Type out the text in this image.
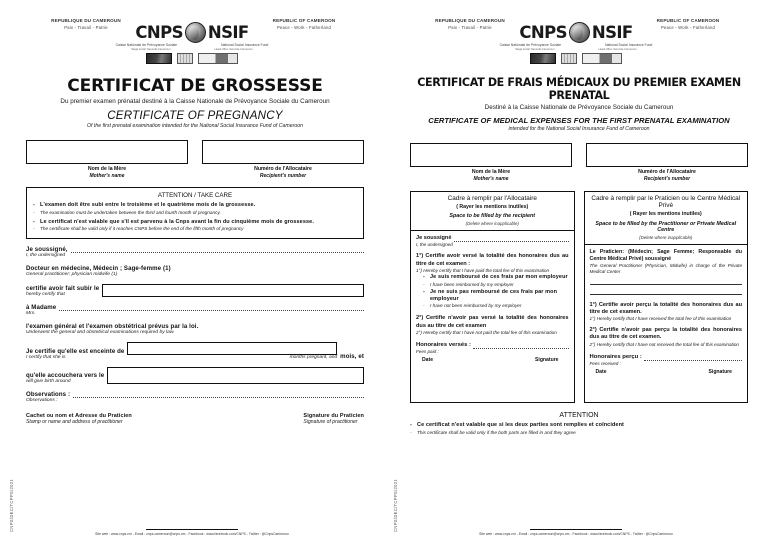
CNPS/DEC/TCPPS/2021
REPUBLIQUE DU CAMEROUN
Paix - Travail - Patrie
REPUBLIC OF CAMEROON
Peace - Work - Fatherland
CNPS NSIF
Caisse Nationale de Prévoyance Sociale	National Social Insurance Fund
Siège social Yaoundé-Cameroun	Head office Yaounde-Cameroon
CERTIFICAT DE GROSSESSE
Du premier examen prénatal destiné à la Caisse Nationale de Prévoyance Sociale du Cameroun
CERTIFICATE OF PREGNANCY
Of the first prenatal examination intended for the National Social Insurance Fund of Cameroon
Nom de la Mère
Mother's name
Numéro de l'Allocataire
Recipient's number
ATTENTION / TAKE CARE
- L'examen doit être subi entre le troisième et le quatrième mois de la grossesse.
-	The examination must be undertaken between the third and fourth month of pregnancy.
- Le certificat n'est valable que s'il est parvenu à la Cnps avant la fin du cinquième mois de grossesse.
-	The certificate shall be valid only if it reaches CNPS before the end of the fifth month of pregnancy
Je soussigné,
I, the undersigned
Docteur en médecine, Médecin ; Sage-femme (1)
General practitioner; physician midwife (1)
certifie avoir fait subir le
hereby certify that
à Madame
Mrs.
l'examen général et l'examen obstétrical prévus par la loi.
Underwent the general and obstetrical examinations required by law.
Je certifie qu'elle est enceinte de
I certify that she is	months pregnant, and mois, et
qu'elle accouchera vers le
will give birth around
Observations :
Observations :
Cachet ou nom et Adresse du Praticien
Stamp or name and address of practitioner
Signature du Praticien
Signature of practitioner
Site web : www.cnps.cm - Email : cnps.cameroun@cnps.cm - Facebook : www.facebook.com/CNPS - Twitter : @CnpsCameroun
CNPS/DEC/TCPPS/2021
REPUBLIQUE DU CAMEROUN
Paix - Travail - Patrie
REPUBLIC OF CAMEROON
Peace - Work - Fatherland
CNPS NSIF
Caisse Nationale de Prévoyance Sociale	National Social Insurance Fund
Siège social Yaoundé-Cameroun	Head office Yaounde-Cameroon
CERTIFICAT DE FRAIS MÉDICAUX DU PREMIER EXAMEN PRENATAL
Destiné à la Caisse Nationale de Prévoyance Sociale du Cameroun
CERTIFICATE OF MEDICAL EXPENSES FOR THE FIRST PRENATAL EXAMINATION
intended for the National Social Insurance Fund of Cameroon
Nom de la Mère
Mother's name
Numéro de l'Allocataire
Recipient's number
Cadre à remplir par l'Allocataire
( Rayer les mentions inutiles)
Space to be filled by the recipient
(Delete where inapplicable)
Je soussigné
I, the undersigned
1°) Certifie avoir versé la totalité des honoraires dus au titre de cet examen :
1°) Hereby certify that I have paid the total fee of this examination
- Je suis remboursé de ces frais par mon employeur
-	I have been reimbursed by my employer
- Je ne suis pas remboursé de ces frais par mon employeur
-	I have not been reimbursed by my employer
2°) Certifie n'avoir pas versé la totalité des honoraires dus au titre de cet examen
2°) Hereby certify that I have not paid the total fee of this examination
Honoraires versés :
Fees paid :
Date	Signature
Cadre à remplir par le Praticien ou le Centre Médical Privé
( Rayer les mentions inutiles)
Space to be filled by the Practitioner or Private Medical Centre
(Delete where inapplicable)
Le Praticien: (Médecin; Sage Femme; Responsable du Centre Médical Privé) soussigné
The General Practitioner (Physician, Midwife) in charge of the Private Medical Center
1°) Certifie avoir perçu la totalité des honoraires dus au titre de cet examen.
1°) Hereby certify that I have received the total fee of this examination
2°) Certifie n'avoir pas perçu la totalité des honoraires dus au titre de cet examen.
2°) Hereby certify that I have not received the total fee of this examination
Honoraires perçu :
Fees received :
Date	Signature
ATTENTION
- Ce certificat n'est valable que si les deux parties sont remplies et coïncident
-	This certificate shall be valid only if the both parts are filled in and they agree
Site web : www.cnps.cm - Email : cnps.cameroun@cnps.cm - Facebook : www.facebook.com/CNPS - Twitter : @CnpsCameroun
